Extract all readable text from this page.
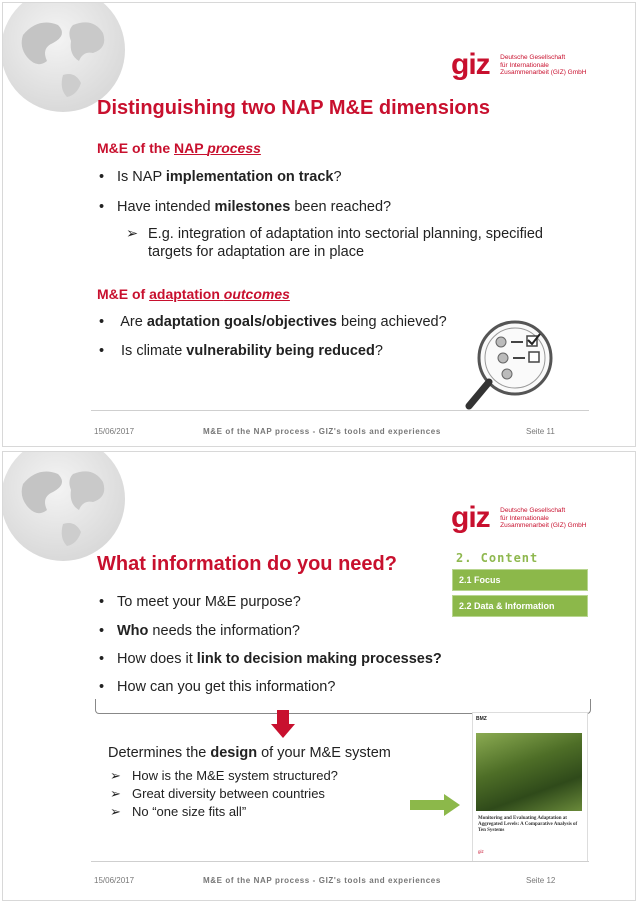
giz Deutsche Gesellschaft
für Internationale
Zusammenarbeit (GIZ) GmbH
Distinguishing two NAP M&E dimensions
M&E of the NAP process
• Is NAP implementation on track?
• Have intended milestones been reached?
➢ E.g. integration of adaptation into sectorial planning, specified targets for adaptation are in place
M&E of adaptation outcomes
• Are adaptation goals/objectives being achieved?
• Is climate vulnerability being reduced?
15/06/2017	M&E of the NAP process - GIZ's tools and experiences	Seite 11
giz Deutsche Gesellschaft
für Internationale
Zusammenarbeit (GIZ) GmbH
What information do you need?	2. Content
2.1 Focus
2.2 Data & Information
• To meet your M&E purpose?
• Who needs the information?
• How does it link to decision making processes?
• How can you get this information?
Determines the design of your M&E system
➢ How is the M&E system structured?
➢ Great diversity between countries
➢ No “one size fits all”
BMZ
Monitoring and Evaluating Adaptation at Aggregated Levels: A Comparative Analysis of Ten Systems
giz
15/06/2017	M&E of the NAP process - GIZ's tools and experiences	Seite 12
